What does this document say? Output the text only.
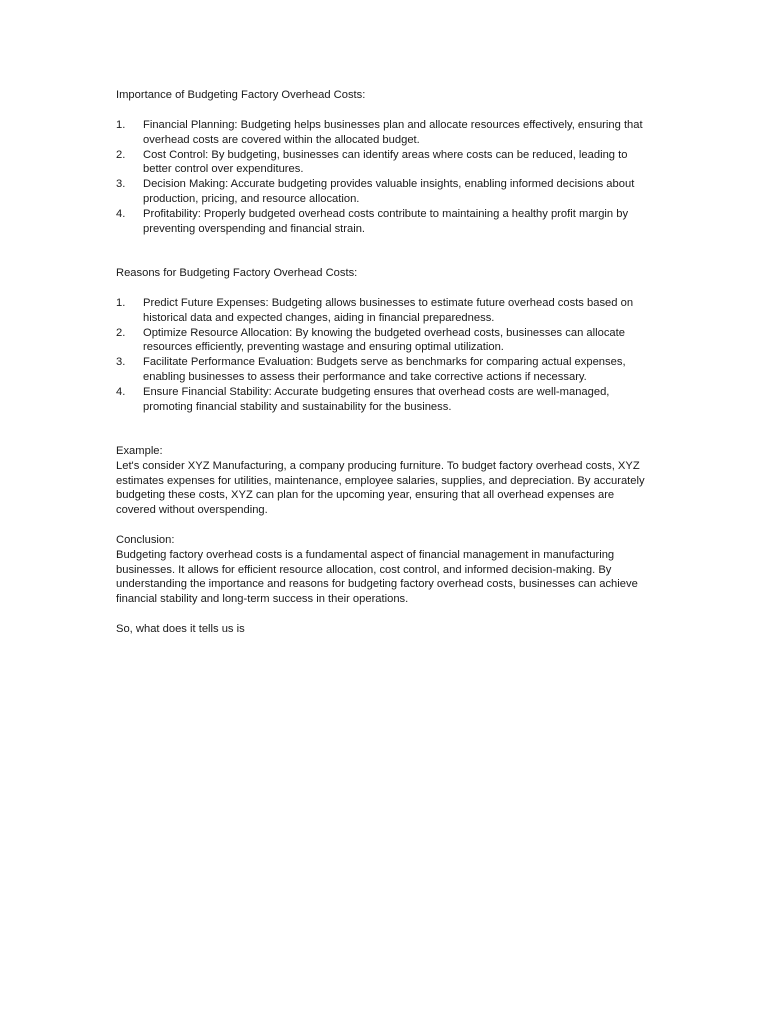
Importance of Budgeting Factory Overhead Costs:

1.	Financial Planning: Budgeting helps businesses plan and allocate resources effectively, ensuring that overhead costs are covered within the allocated budget.
2.	Cost Control: By budgeting, businesses can identify areas where costs can be reduced, leading to better control over expenditures.
3.	Decision Making: Accurate budgeting provides valuable insights, enabling informed decisions about production, pricing, and resource allocation.
4.	Profitability: Properly budgeted overhead costs contribute to maintaining a healthy profit margin by preventing overspending and financial strain.

Reasons for Budgeting Factory Overhead Costs:

1.	Predict Future Expenses: Budgeting allows businesses to estimate future overhead costs based on historical data and expected changes, aiding in financial preparedness.
2.	Optimize Resource Allocation: By knowing the budgeted overhead costs, businesses can allocate resources efficiently, preventing wastage and ensuring optimal utilization.
3.	Facilitate Performance Evaluation: Budgets serve as benchmarks for comparing actual expenses, enabling businesses to assess their performance and take corrective actions if necessary.
4.	Ensure Financial Stability: Accurate budgeting ensures that overhead costs are well-managed, promoting financial stability and sustainability for the business.

Example:

Let's consider XYZ Manufacturing, a company producing furniture. To budget factory overhead costs, XYZ estimates expenses for utilities, maintenance, employee salaries, supplies, and depreciation. By accurately budgeting these costs, XYZ can plan for the upcoming year, ensuring that all overhead expenses are covered without overspending.

Conclusion:

Budgeting factory overhead costs is a fundamental aspect of financial management in manufacturing businesses. It allows for efficient resource allocation, cost control, and informed decision-making. By understanding the importance and reasons for budgeting factory overhead costs, businesses can achieve financial stability and long-term success in their operations.

So, what does it tells us is
